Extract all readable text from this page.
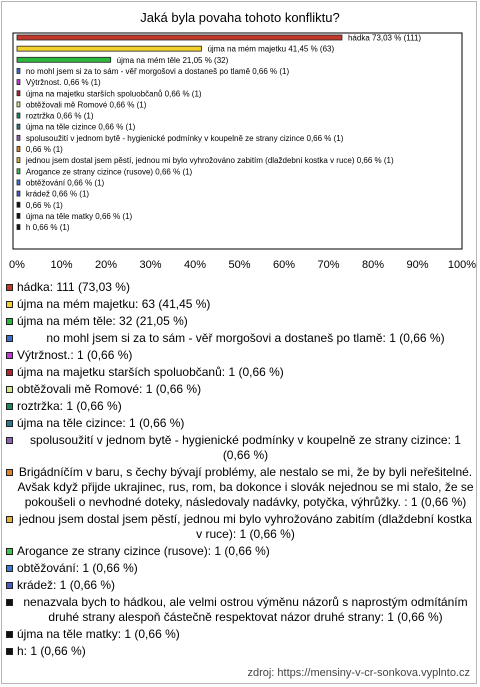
Jaká byla povaha tohoto konfliktu?
hádka 73,03 % (111)
újma na mém majetku 41,45 % (63)
újma na mém těle 21,05 % (32)
no mohl jsem si za to sám - věř morgošovi a dostaneš po tlamě 0,66 % (1)
Výtržnost. 0,66 % (1)
újma na majetku starších spoluobčanů 0,66 % (1)
obtěžovali mě Romové 0,66 % (1)
roztržka 0,66 % (1)
újma na těle cizince 0,66 % (1)
spolusoužití v jednom bytě - hygienické podmínky v koupelně ze strany cizince 0,66 % (1)
0,66 % (1)
jednou jsem dostal jsem pěstí, jednou mi bylo vyhrožováno zabitím (dlaždební kostka v ruce) 0,66 % (1)
Arogance ze strany cizince (rusove) 0,66 % (1)
obtěžování 0,66 % (1)
krádež 0,66 % (1)
0,66 % (1)
újma na těle matky 0,66 % (1)
h 0,66 % (1)
0% 10% 20% 30% 40% 50% 60% 70% 80% 90% 100%
hádka: 111 (73,03 %)
újma na mém majetku: 63 (41,45 %)
újma na mém těle: 32 (21,05 %)
no mohl jsem si za to sám - věř morgošovi a dostaneš po tlamě: 1 (0,66 %)
Výtržnost.: 1 (0,66 %)
újma na majetku starších spoluobčanů: 1 (0,66 %)
obtěžovali mě Romové: 1 (0,66 %)
roztržka: 1 (0,66 %)
újma na těle cizince: 1 (0,66 %)
spolusoužití v jednom bytě - hygienické podmínky v koupelně ze strany cizince: 1 (0,66 %)
Brigádníčím v baru, s čechy bývají problémy, ale nestalo se mi, že by byli neřešitelné. Avšak když přijde ukrajinec, rus, rom, ba dokonce i slovák nejednou se mi stalo, že se pokoušeli o nevhodné doteky, následovaly nadávky, potyčka, výhrůžky. : 1 (0,66 %)
jednou jsem dostal jsem pěstí, jednou mi bylo vyhrožováno zabitím (dlaždební kostka v ruce): 1 (0,66 %)
Arogance ze strany cizince (rusove): 1 (0,66 %)
obtěžování: 1 (0,66 %)
krádež: 1 (0,66 %)
nenazvala bych to hádkou, ale velmi ostrou výměnu názorů s naprostým odmítáním druhé strany alespoň částečně respektovat názor druhé strany: 1 (0,66 %)
újma na těle matky: 1 (0,66 %)
h: 1 (0,66 %)
zdroj: https://mensiny-v-cr-sonkova.vyplnto.cz
